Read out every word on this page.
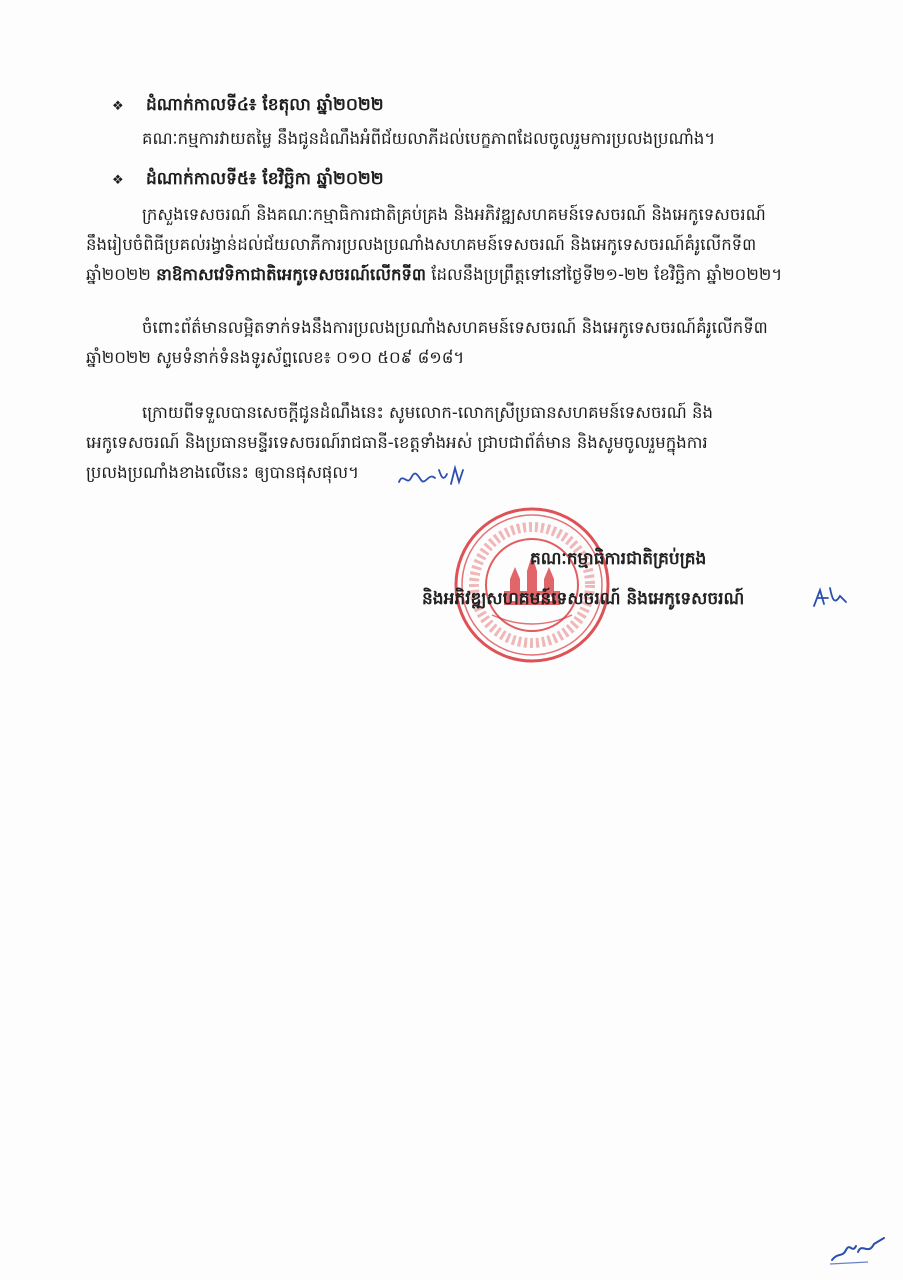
❖ ដំណាក់កាលទី៤៖ ខែតុលា ឆ្នាំ២០២២
គណៈកម្មការវាយតម្លៃ នឹងជូនដំណឹងអំពីជ័យលាភីដល់បេក្ខភាពដែលចូលរួមការប្រលងប្រណាំង។
❖ ដំណាក់កាលទី៥៖ ខែវិច្ឆិកា ឆ្នាំ២០២២
ក្រសួងទេសចរណ៍ និងគណៈកម្មាធិការជាតិគ្រប់គ្រង និងអភិវឌ្ឍសហគមន៍ទេសចរណ៍ និងអេកូទេសចរណ៍
នឹងរៀបចំពិធីប្រគល់រង្វាន់ដល់ជ័យលាភីការប្រលងប្រណាំងសហគមន៍ទេសចរណ៍ និងអេកូទេសចរណ៍គំរូលើកទី៣
ឆ្នាំ២០២២ នាឱកាសវេទិកាជាតិអេកូទេសចរណ៍លើកទី៣ ដែលនឹងប្រព្រឹត្តទៅនៅថ្ងៃទី២១-២២ ខែវិច្ឆិកា ឆ្នាំ២០២២។
ចំពោះព័ត៌មានលម្អិតទាក់ទងនឹងការប្រលងប្រណាំងសហគមន៍ទេសចរណ៍ និងអេកូទេសចរណ៍គំរូលើកទី៣
ឆ្នាំ២០២២ សូមទំនាក់ទំនងទូរស័ព្ទលេខ៖ ០១០ ៥០៩ ៨១៨។
ក្រោយពីទទួលបានសេចក្ដីជូនដំណឹងនេះ សូមលោក-លោកស្រីប្រធានសហគមន៍ទេសចរណ៍ និង
អេកូទេសចរណ៍ និងប្រធានមន្ទីរទេសចរណ៍រាជធានី-ខេត្តទាំងអស់ ជ្រាបជាព័ត៌មាន និងសូមចូលរួមក្នុងការ
ប្រលងប្រណាំងខាងលើនេះ ឲ្យបានផុសផុល។
គណៈកម្មាធិការជាតិគ្រប់គ្រង
និងអភិវឌ្ឍសហគមន៍ទេសចរណ៍ និងអេកូទេសចរណ៍
